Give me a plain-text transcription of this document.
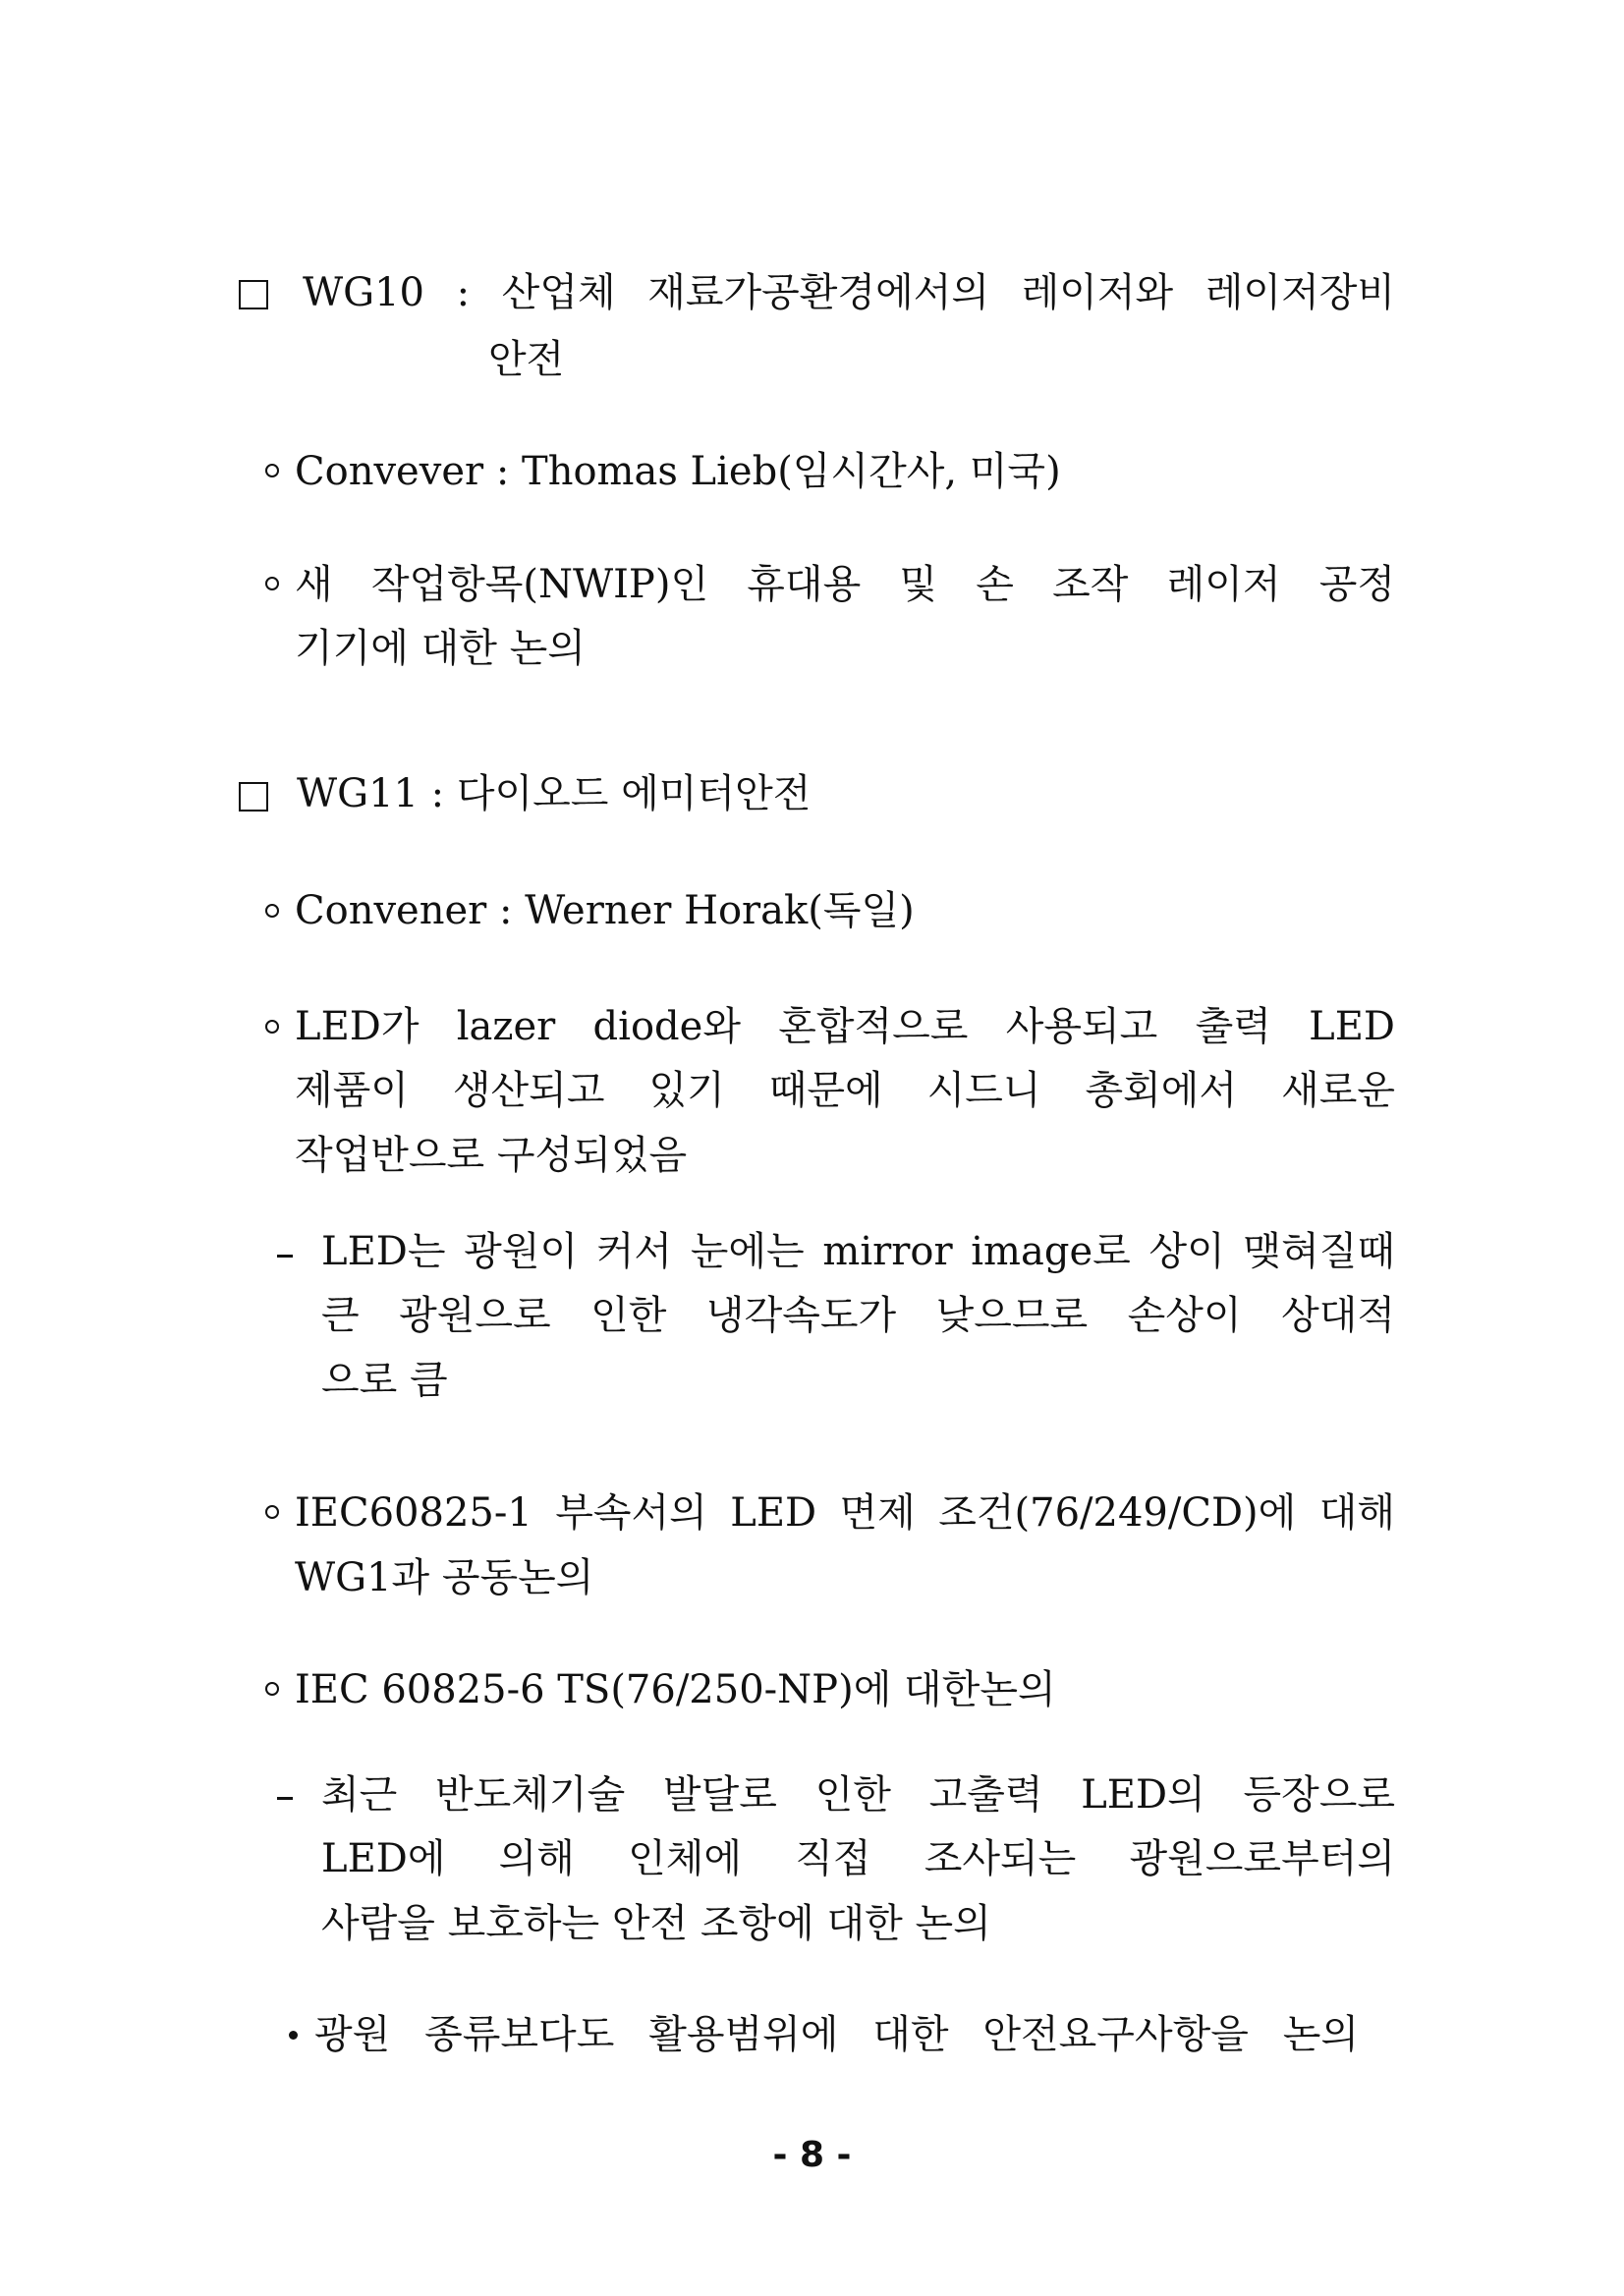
WG10 : 산업체 재료가공환경에서의 레이저와 레이저장비
안전
Convever : Thomas Lieb(임시간사, 미국)
새 작업항목(NWIP)인 휴대용 및 손 조작 레이저 공정
기기에 대한 논의
WG11 : 다이오드 에미터안전
Convener : Werner Horak(독일)
LED가 lazer diode와 혼합적으로 사용되고 출력 LED
제품이 생산되고 있기 때문에 시드니 총회에서 새로운
작업반으로 구성되었음
LED는 광원이 커서 눈에는 mirror image로 상이 맺혀질때
큰 광원으로 인한 냉각속도가 낮으므로 손상이 상대적
으로 큼
IEC60825-1 부속서의 LED 면제 조건(76/249/CD)에 대해
WG1과 공동논의
IEC 60825-6 TS(76/250-NP)에 대한논의
최근 반도체기술 발달로 인한 고출력 LED의 등장으로
LED에 의해 인체에 직접 조사되는 광원으로부터의
사람을 보호하는 안전 조항에 대한 논의
광원 종류보다도 활용범위에 대한 안전요구사항을 논의
- 8 -
